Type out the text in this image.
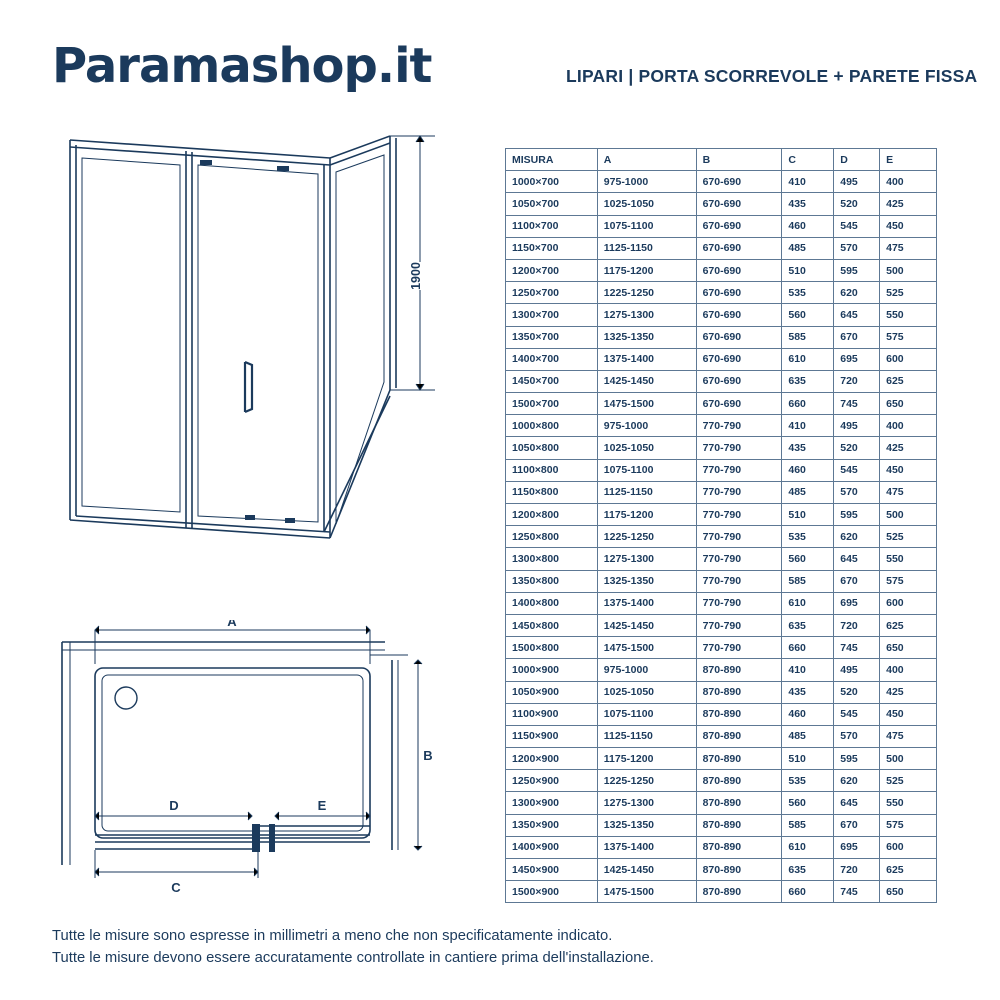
Paramashop.it	LIPARI | PORTA SCORREVOLE + PARETE FISSA
1900
A
B
C
D	E
MISURA	A	B	C	D	E
1000×700	975-1000	670-690	410	495	400
1050×700	1025-1050	670-690	435	520	425
1100×700	1075-1100	670-690	460	545	450
1150×700	1125-1150	670-690	485	570	475
1200×700	1175-1200	670-690	510	595	500
1250×700	1225-1250	670-690	535	620	525
1300×700	1275-1300	670-690	560	645	550
1350×700	1325-1350	670-690	585	670	575
1400×700	1375-1400	670-690	610	695	600
1450×700	1425-1450	670-690	635	720	625
1500×700	1475-1500	670-690	660	745	650
1000×800	975-1000	770-790	410	495	400
1050×800	1025-1050	770-790	435	520	425
1100×800	1075-1100	770-790	460	545	450
1150×800	1125-1150	770-790	485	570	475
1200×800	1175-1200	770-790	510	595	500
1250×800	1225-1250	770-790	535	620	525
1300×800	1275-1300	770-790	560	645	550
1350×800	1325-1350	770-790	585	670	575
1400×800	1375-1400	770-790	610	695	600
1450×800	1425-1450	770-790	635	720	625
1500×800	1475-1500	770-790	660	745	650
1000×900	975-1000	870-890	410	495	400
1050×900	1025-1050	870-890	435	520	425
1100×900	1075-1100	870-890	460	545	450
1150×900	1125-1150	870-890	485	570	475
1200×900	1175-1200	870-890	510	595	500
1250×900	1225-1250	870-890	535	620	525
1300×900	1275-1300	870-890	560	645	550
1350×900	1325-1350	870-890	585	670	575
1400×900	1375-1400	870-890	610	695	600
1450×900	1425-1450	870-890	635	720	625
1500×900	1475-1500	870-890	660	745	650
Tutte le misure sono espresse in millimetri a meno che non specificatamente indicato.
Tutte le misure devono essere accuratamente controllate in cantiere prima dell'installazione.
